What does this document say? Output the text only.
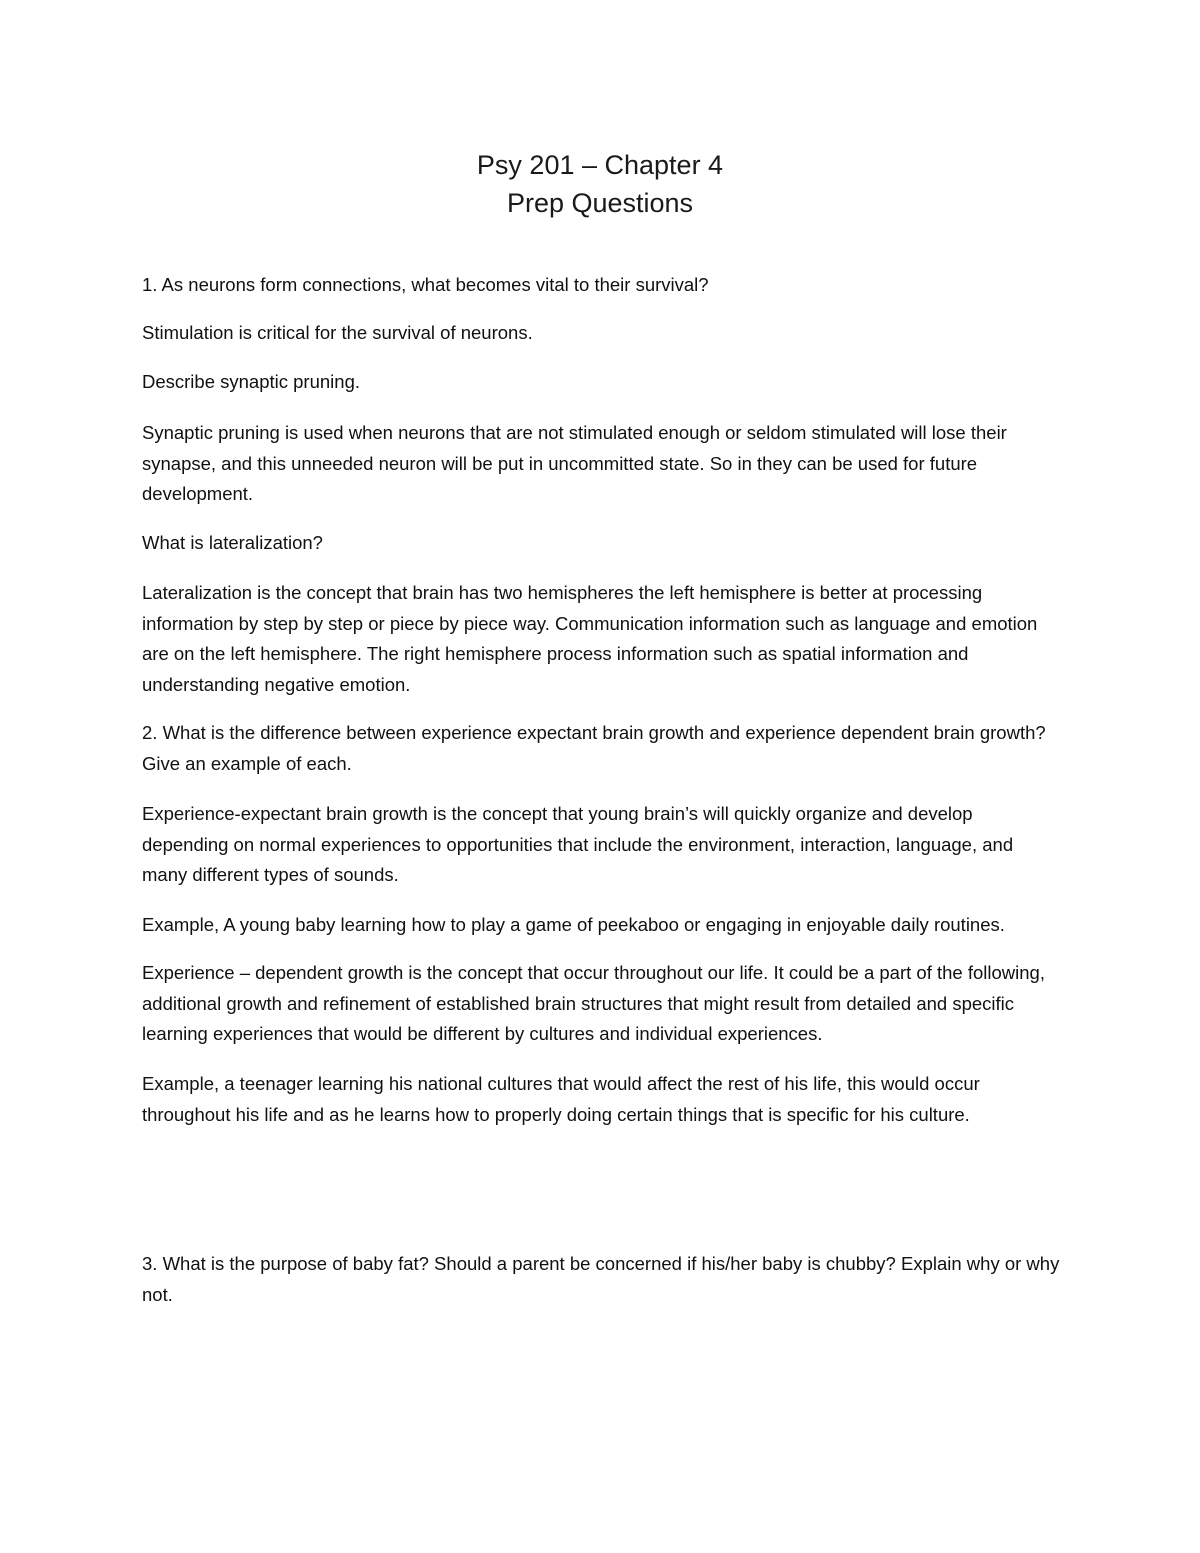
Psy 201 – Chapter 4
Prep Questions

1. As neurons form connections, what becomes vital to their survival?

Stimulation is critical for the survival of neurons.

Describe synaptic pruning.

Synaptic pruning is used when neurons that are not stimulated enough or seldom stimulated will lose their synapse, and this unneeded neuron will be put in uncommitted state. So in they can be used for future development.

What is lateralization?

Lateralization is the concept that brain has two hemispheres the left hemisphere is better at processing information by step by step or piece by piece way. Communication information such as language and emotion are on the left hemisphere. The right hemisphere process information such as spatial information and understanding negative emotion.

2. What is the difference between experience expectant brain growth and experience dependent brain growth? Give an example of each.

Experience-expectant brain growth is the concept that young brain’s will quickly organize and develop depending on normal experiences to opportunities that include the environment, interaction, language, and many different types of sounds.

Example, A young baby learning how to play a game of peekaboo or engaging in enjoyable daily routines.

Experience – dependent growth is the concept that occur throughout our life. It could be a part of the following, additional growth and refinement of established brain structures that might result from detailed and specific learning experiences that would be different by cultures and individual experiences.

Example, a teenager learning his national cultures that would affect the rest of his life, this would occur throughout his life and as he learns how to properly doing certain things that is specific for his culture.

3. What is the purpose of baby fat? Should a parent be concerned if his/her baby is chubby? Explain why or why not.
